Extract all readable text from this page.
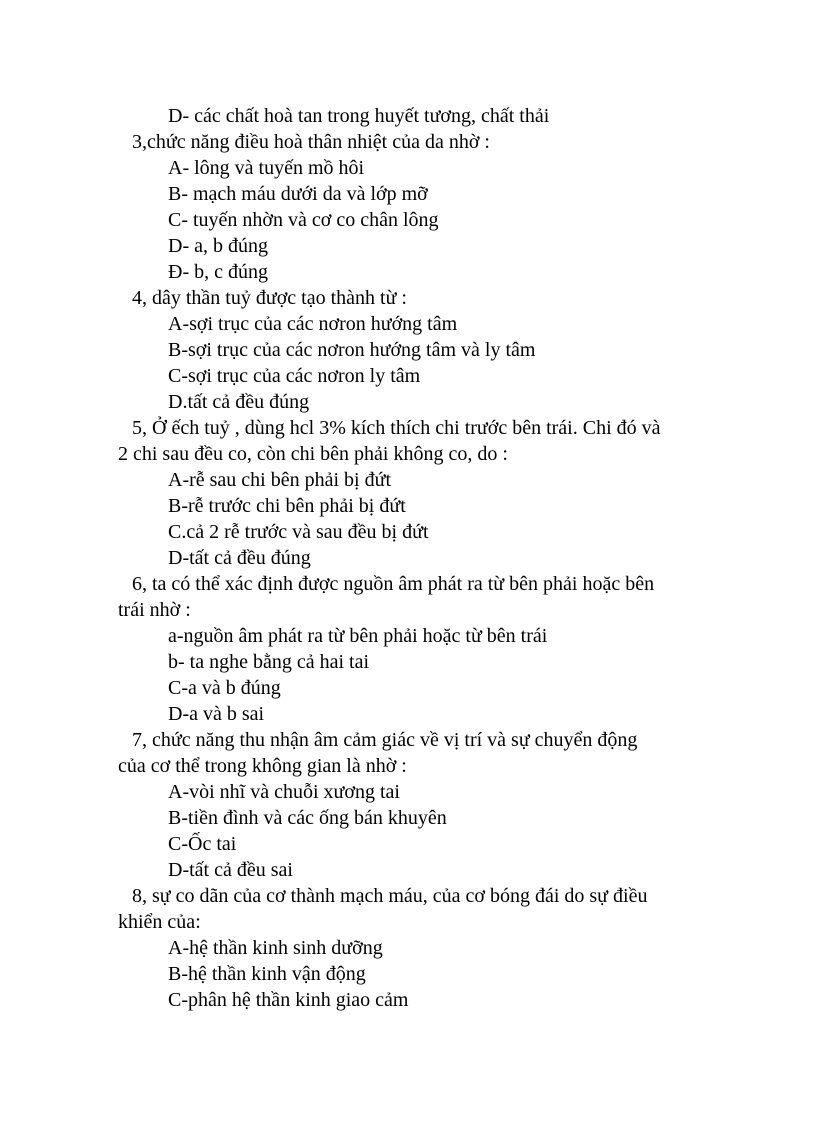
D- các chất hoà tan trong huyết tương, chất thải
3,chức năng điều hoà thân nhiệt của da nhờ :
A- lông và tuyến mồ hôi
B- mạch máu dưới da và lớp mỡ
C- tuyến nhờn và cơ co chân lông
D- a, b đúng
Đ- b, c đúng
4, dây thần tuỷ được tạo thành từ :
A-sợi trục của các nơron hướng tâm
B-sợi trục của các nơron hướng tâm và ly tâm
C-sợi trục của các nơron ly tâm
D.tất cả đều đúng
5, Ở ếch tuỷ , dùng hcl 3% kích thích chi trước bên trái. Chi đó và
2 chi sau đều co, còn chi bên phải không co, do :
A-rễ sau chi bên phải bị đứt
B-rễ trước chi bên phải bị đứt
C.cả 2 rễ trước và sau đều bị đứt
D-tất cả đều đúng
6, ta có thể xác định được nguồn âm phát ra từ bên phải hoặc bên
trái nhờ :
a-nguồn âm phát ra từ bên phải hoặc từ bên trái
b- ta nghe bằng cả hai tai
C-a và b đúng
D-a và b sai
7, chức năng thu nhận âm cảm giác về vị trí và sự chuyển động
của cơ thể trong không gian là nhờ :
A-vòi nhĩ và chuỗi xương tai
B-tiền đình và các ống bán khuyên
C-Ốc tai
D-tất cả đều sai
8, sự co dãn của cơ thành mạch máu, của cơ bóng đái do sự điều
khiển của:
A-hệ thần kinh sinh dưỡng
B-hệ thần kinh vận động
C-phân hệ thần kinh giao cảm
